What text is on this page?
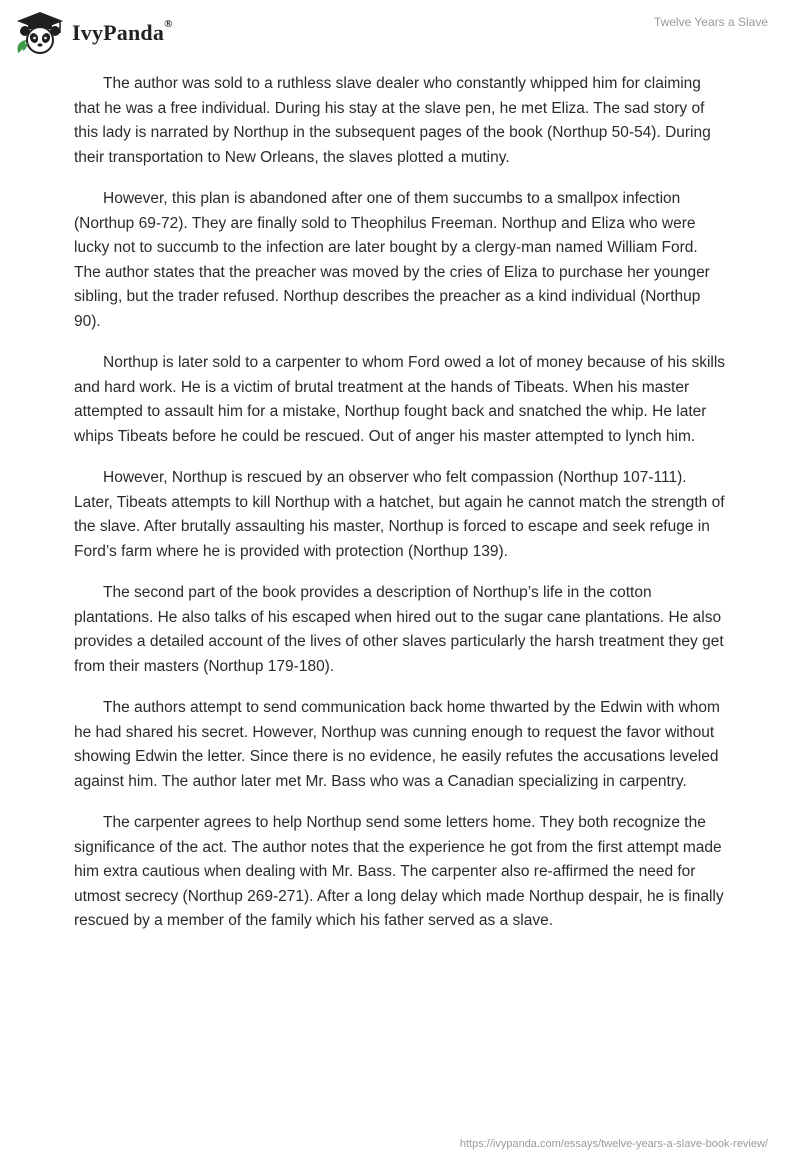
IvyPanda®	Twelve Years a Slave

The author was sold to a ruthless slave dealer who constantly whipped him for claiming that he was a free individual. During his stay at the slave pen, he met Eliza. The sad story of this lady is narrated by Northup in the subsequent pages of the book (Northup 50-54). During their transportation to New Orleans, the slaves plotted a mutiny.

However, this plan is abandoned after one of them succumbs to a smallpox infection (Northup 69-72). They are finally sold to Theophilus Freeman. Northup and Eliza who were lucky not to succumb to the infection are later bought by a clergy-man named William Ford. The author states that the preacher was moved by the cries of Eliza to purchase her younger sibling, but the trader refused. Northup describes the preacher as a kind individual (Northup 90).

Northup is later sold to a carpenter to whom Ford owed a lot of money because of his skills and hard work. He is a victim of brutal treatment at the hands of Tibeats. When his master attempted to assault him for a mistake, Northup fought back and snatched the whip. He later whips Tibeats before he could be rescued. Out of anger his master attempted to lynch him.

However, Northup is rescued by an observer who felt compassion (Northup 107-111). Later, Tibeats attempts to kill Northup with a hatchet, but again he cannot match the strength of the slave. After brutally assaulting his master, Northup is forced to escape and seek refuge in Ford’s farm where he is provided with protection (Northup 139).

The second part of the book provides a description of Northup’s life in the cotton plantations. He also talks of his escaped when hired out to the sugar cane plantations. He also provides a detailed account of the lives of other slaves particularly the harsh treatment they get from their masters (Northup 179-180).

The authors attempt to send communication back home thwarted by the Edwin with whom he had shared his secret. However, Northup was cunning enough to request the favor without showing Edwin the letter. Since there is no evidence, he easily refutes the accusations leveled against him. The author later met Mr. Bass who was a Canadian specializing in carpentry.

The carpenter agrees to help Northup send some letters home. They both recognize the significance of the act. The author notes that the experience he got from the first attempt made him extra cautious when dealing with Mr. Bass. The carpenter also re-affirmed the need for utmost secrecy (Northup 269-271). After a long delay which made Northup despair, he is finally rescued by a member of the family which his father served as a slave.

https://ivypanda.com/essays/twelve-years-a-slave-book-review/
